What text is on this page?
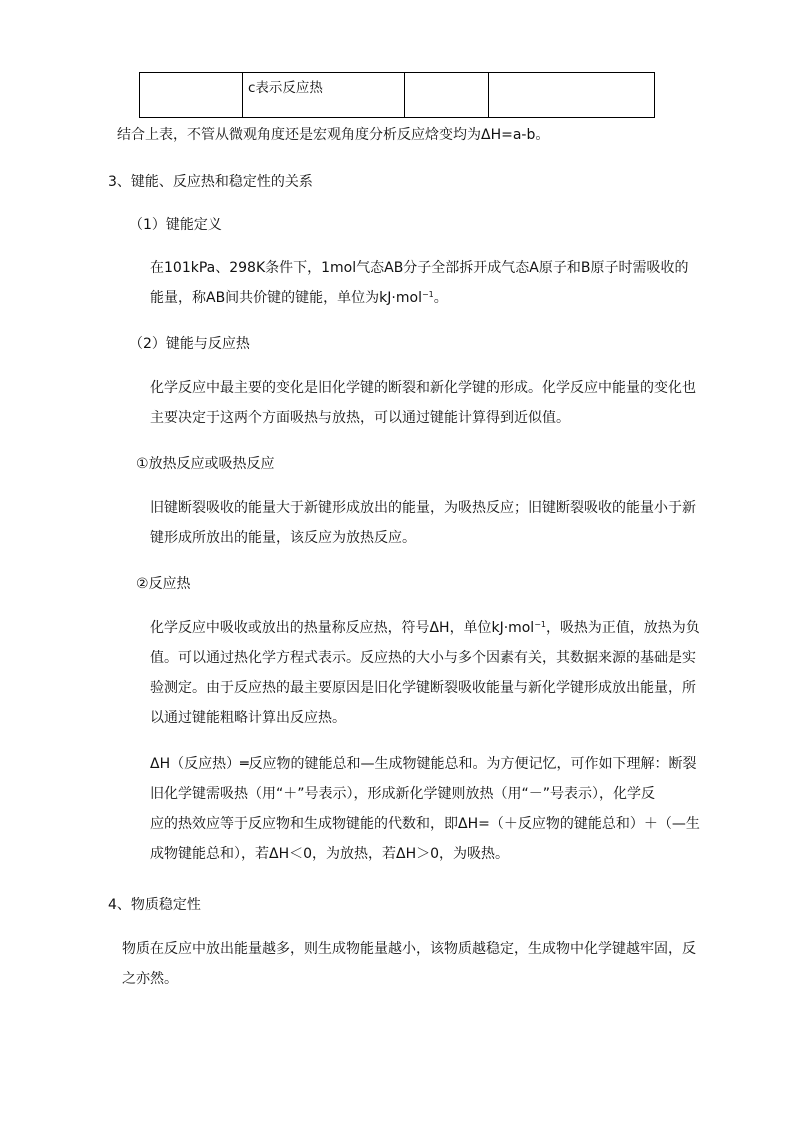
	c表示反应热		
结合上表，不管从微观角度还是宏观角度分析反应焓变均为ΔH=a-b。
3、键能、反应热和稳定性的关系
（1）键能定义
在101kPa、298K条件下，1mol气态AB分子全部拆开成气态A原子和B原子时需吸收的
能量，称AB间共价键的键能，单位为kJ·mol$^{-1}$。
（2）键能与反应热
化学反应中最主要的变化是旧化学键的断裂和新化学键的形成。化学反应中能量的变化也
主要决定于这两个方面吸热与放热，可以通过键能计算得到近似值。
①放热反应或吸热反应
旧键断裂吸收的能量大于新键形成放出的能量，为吸热反应；旧键断裂吸收的能量小于新
键形成所放出的能量，该反应为放热反应。
②反应热
化学反应中吸收或放出的热量称反应热，符号ΔH，单位kJ·mol$^{-1}$，吸热为正值，放热为负
值。可以通过热化学方程式表示。反应热的大小与多个因素有关，其数据来源的基础是实
验测定。由于反应热的最主要原因是旧化学键断裂吸收能量与新化学键形成放出能量，所
以通过键能粗略计算出反应热。
ΔH（反应热）═反应物的键能总和—生成物键能总和。为方便记忆，可作如下理解：断裂
旧化学键需吸热（用“＋”号表示），形成新化学键则放热（用“－”号表示），化学反
应的热效应等于反应物和生成物键能的代数和，即ΔH=（＋反应物的键能总和）＋（—生
成物键能总和），若ΔH＜0，为放热，若ΔH＞0，为吸热。
4、物质稳定性
物质在反应中放出能量越多，则生成物能量越小，该物质越稳定，生成物中化学键越牢固，反
之亦然。
